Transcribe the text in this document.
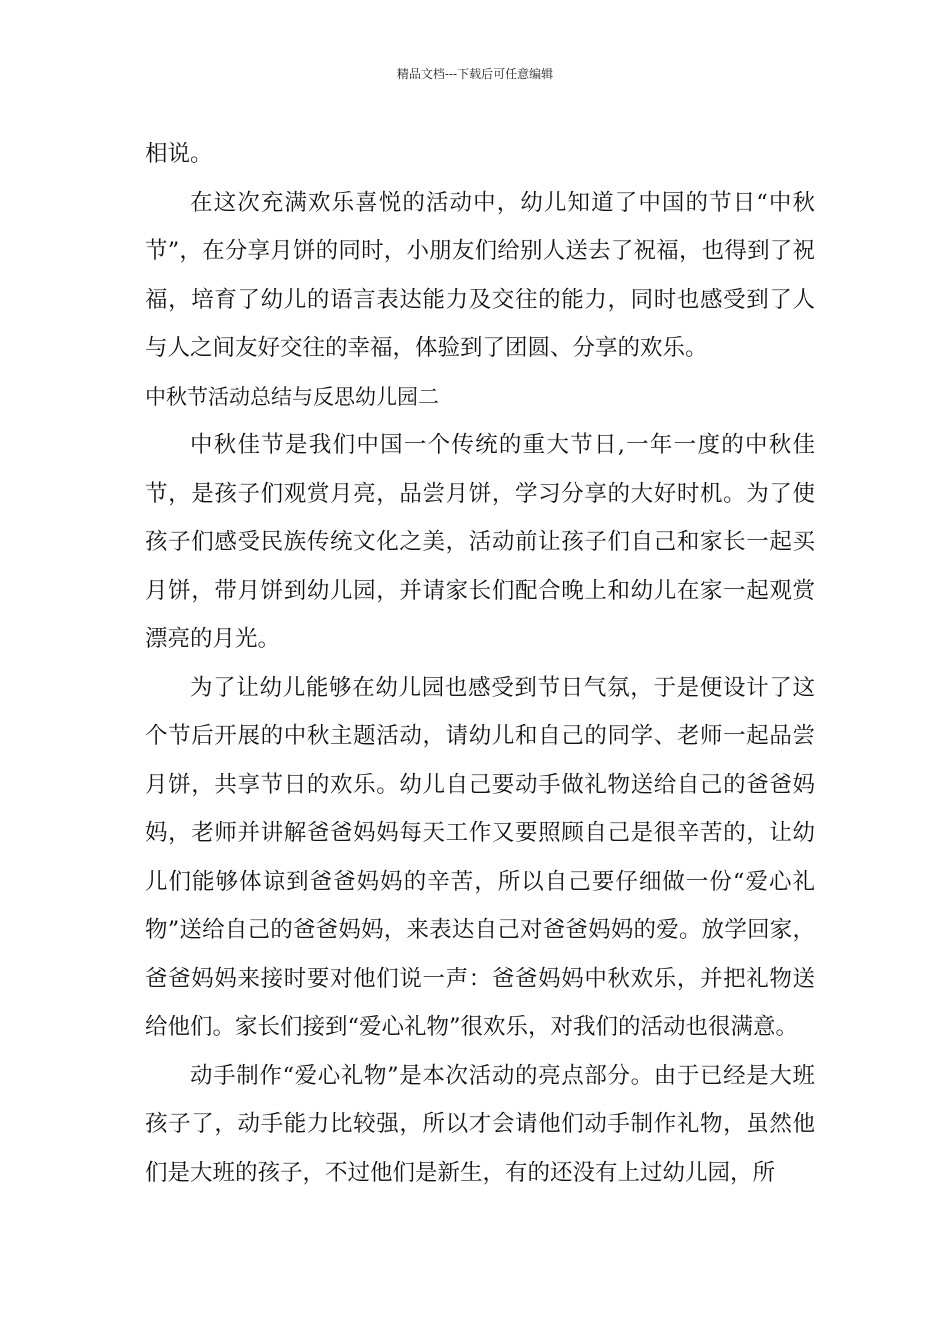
精品文档---下载后可任意编辑

相说。

在这次充满欢乐喜悦的活动中，幼儿知道了中国的节日“中秋节”，在分享月饼的同时，小朋友们给别人送去了祝福，也得到了祝福，培育了幼儿的语言表达能力及交往的能力，同时也感受到了人与人之间友好交往的幸福，体验到了团圆、分享的欢乐。

中秋节活动总结与反思幼儿园二

中秋佳节是我们中国一个传统的重大节日,一年一度的中秋佳节，是孩子们观赏月亮，品尝月饼，学习分享的大好时机。为了使孩子们感受民族传统文化之美，活动前让孩子们自己和家长一起买月饼，带月饼到幼儿园，并请家长们配合晚上和幼儿在家一起观赏漂亮的月光。

为了让幼儿能够在幼儿园也感受到节日气氛，于是便设计了这个节后开展的中秋主题活动，请幼儿和自己的同学、老师一起品尝月饼，共享节日的欢乐。幼儿自己要动手做礼物送给自己的爸爸妈妈，老师并讲解爸爸妈妈每天工作又要照顾自己是很辛苦的，让幼儿们能够体谅到爸爸妈妈的辛苦，所以自己要仔细做一份“爱心礼物”送给自己的爸爸妈妈，来表达自己对爸爸妈妈的爱。放学回家，爸爸妈妈来接时要对他们说一声：爸爸妈妈中秋欢乐，并把礼物送给他们。家长们接到“爱心礼物”很欢乐，对我们的活动也很满意。

动手制作“爱心礼物”是本次活动的亮点部分。由于已经是大班孩子了，动手能力比较强，所以才会请他们动手制作礼物，虽然他们是大班的孩子，不过他们是新生，有的还没有上过幼儿园，所
